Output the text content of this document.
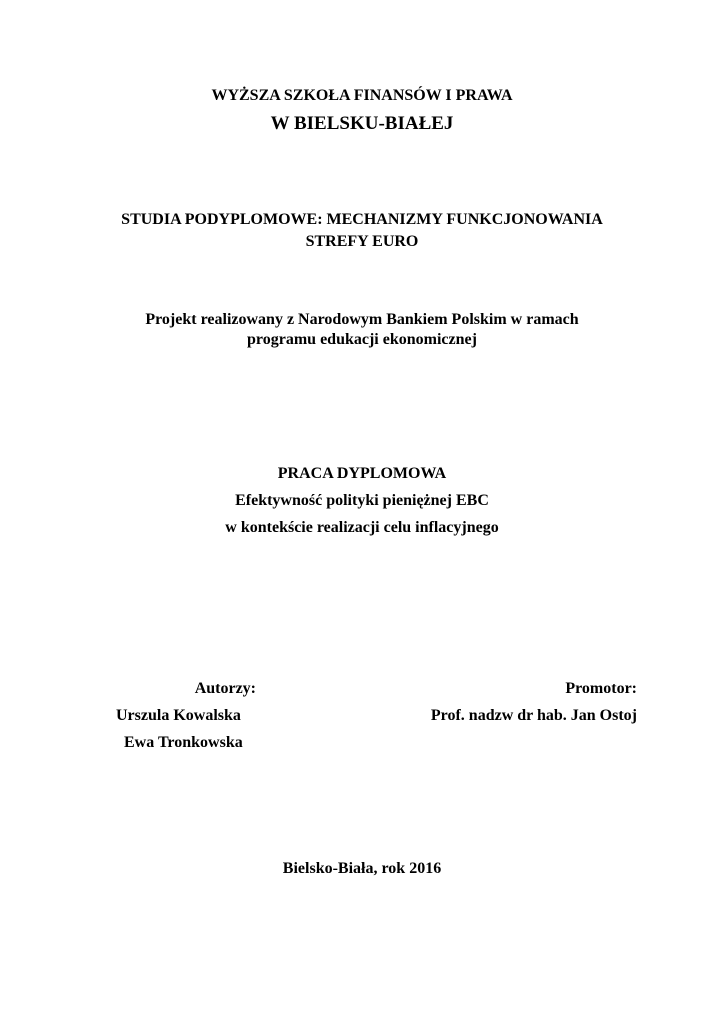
WYŻSZA SZKOŁA FINANSÓW I PRAWA
W BIELSKU-BIAŁEJ
STUDIA PODYPLOMOWE: MECHANIZMY FUNKCJONOWANIA
STREFY EURO
Projekt realizowany z Narodowym Bankiem Polskim w ramach
programu edukacji ekonomicznej
PRACA DYPLOMOWA
Efektywność polityki pieniężnej EBC
w kontekście realizacji celu inflacyjnego
Autorzy:
Urszula Kowalska
Ewa Tronkowska
Promotor:
Prof. nadzw dr hab. Jan Ostoj
Bielsko-Biała, rok 2016
